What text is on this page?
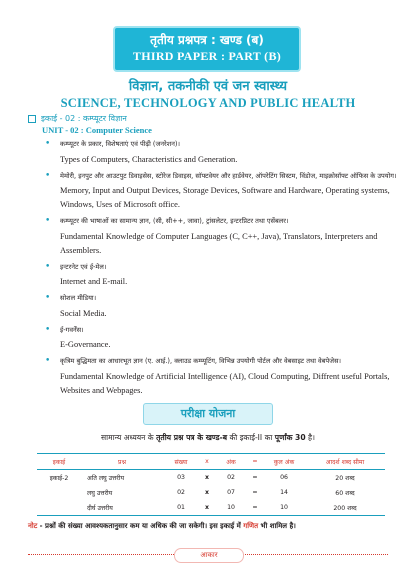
तृतीय प्रश्नपत्र : खण्ड (ब)
THIRD PAPER : PART (B)
विज्ञान, तकनीकी एवं जन स्वास्थ्य
SCIENCE, TECHNOLOGY AND PUBLIC HEALTH
इकाई - 02 : कम्प्यूटर विज्ञान
UNIT - 02 : Computer Science
• कम्प्यूटर के प्रकार, विशेषताएं एवं पीढ़ी (जनरेशन)।
Types of Computers, Characteristics and Generation.
• मेमोरी, इनपुट और आउटपुट डिवाइसेस, स्टोरेज डिवाइस, सॉफ्टवेयर और हार्डवेयर, ऑपरेटिंग सिस्टम, विंडोज, माइक्रोसॉफ्ट ऑफिस के उपयोग।
Memory, Input and Output Devices, Storage Devices, Software and Hardware, Operating systems, Windows, Uses of Microsoft office.
• कम्प्यूटर की भाषाओं का सामान्य ज्ञान, (सी, सी++, जावा), ट्रांसलेटर, इन्टरप्रिटर तथा एसेंबलर।
Fundamental Knowledge of Computer Languages (C, C++, Java), Translators, Interpreters and Assemblers.
• इन्टरनेट एवं ई-मेल।
Internet and E-mail.
• सोशल मीडिया।
Social Media.
• ई-गवर्नेंस।
E-Governance.
• कृत्रिम बुद्धिमता का आधारभूत ज्ञान (ए. आई.), क्लाउड कम्प्यूटिंग, विभिन्न उपयोगी पोर्टल और वेबसाइट तथा वेबपेजेस।
Fundamental Knowledge of Artificial Intelligence (AI), Cloud Computing, Diffrent useful Portals, Websites and Webpages.
परीक्षा योजना
सामान्य अध्ययन के तृतीय प्रश्न पत्र के खण्ड-ब की इकाई-II का पूर्णांक 30 है।
इकाई	प्रश्न	संख्या	x	अंक	=	कुल अंक	आदर्श शब्द सीमा
इकाई-2	अति लघु उत्तरीय	03	x	02	=	06	20 शब्द
	लघु उत्तरीय	02	x	07	=	14	60 शब्द
	दीर्घ उत्तरीय	01	x	10	=	10	200 शब्द
नोट - प्रश्नों की संख्या आवश्यकतानुसार कम या अधिक की जा सकेगी। इस इकाई में गणित भी शामिल है।
आकार
